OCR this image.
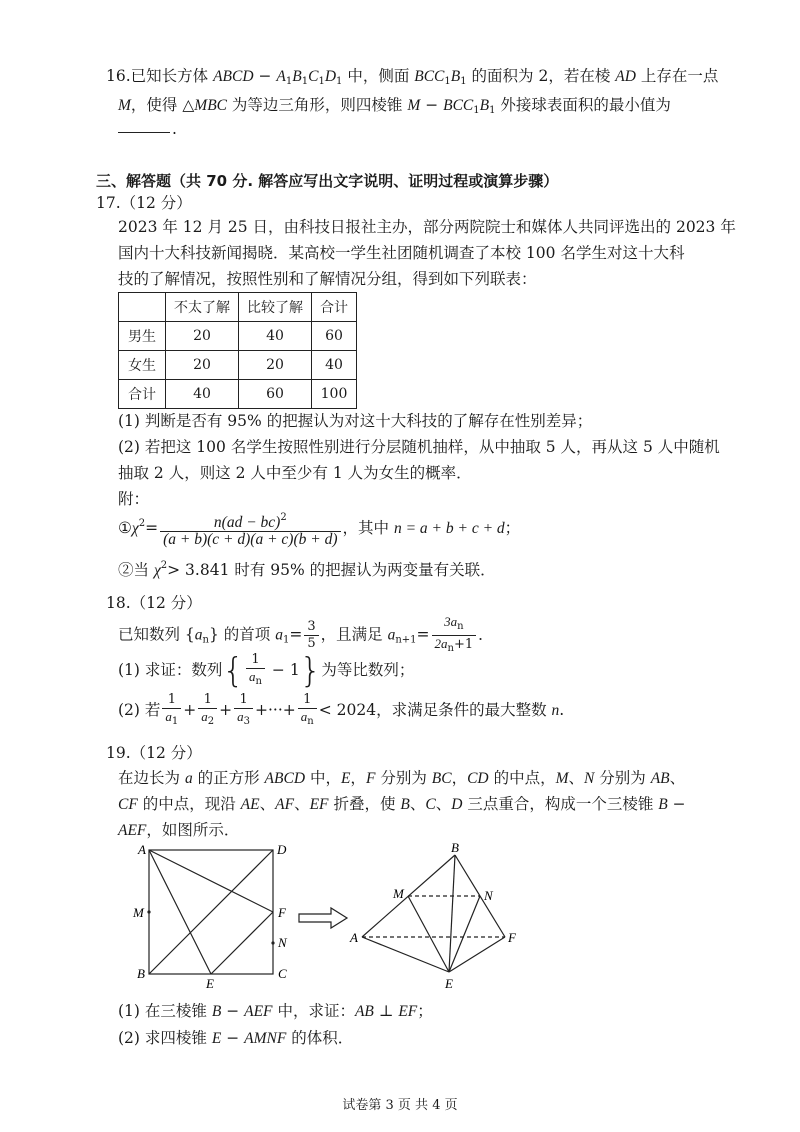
16.已知长方体 ABCD − $A_1B_1C_1D_1$ 中，侧面 $BCC_1B_1$ 的面积为 2，若在棱 AD 上存在一点
M，使得 △MBC 为等边三角形，则四棱锥 $M - BCC_1B_1$ 外接球表面积的最小值为
.
三、解答题（共 70 分. 解答应写出文字说明、证明过程或演算步骤）
17.（12 分）
2023 年 12 月 25 日，由科技日报社主办，部分两院院士和媒体人共同评选出的 2023 年
国内十大科技新闻揭晓．某高校一学生社团随机调查了本校 100 名学生对这十大科
技的了解情况，按照性别和了解情况分组，得到如下列联表：
	不太了解	比较了解	合计
男生	20	40	60
女生	20	20	40
合计	40	60	100
(1) 判断是否有 95% 的把握认为对这十大科技的了解存在性别差异；
(2) 若把这 100 名学生按照性别进行分层随机抽样，从中抽取 5 人，再从这 5 人中随机
抽取 2 人，则这 2 人中至少有 1 人为女生的概率．
附：
$①\chi^2= \frac{n(ad - bc)^2}{(a + b)(c + d)(a + c)(b + d)}$ ，其中 n = a + b + c + d；
②当 $\chi^2> 3.841$ 时有 95% 的把握认为两变量有关联．
18.（12 分）
已知数列 $\{a_n\}$ 的首项 $a_1= \frac{3}{5}$ ，且满足 $a_{n+1}= \frac{3a_n}{2a_n+1}$ ．
(1) 求证：数列{ $\frac{1}{a_n} - 1$}为等比数列；
(2) 若 $\frac{1}{a_1} + \frac{1}{a_2} + \frac{1}{a_3}$ +···+ $\frac{1}{a_n} < 2024$，求满足条件的最大整数 n.
19.（12 分）
在边长为 a 的正方形 ABCD 中，E，F 分别为 BC，CD 的中点，M、N 分别为 AB、
CF 的中点，现沿 AE、AF、EF 折叠，使 B、C、D 三点重合，构成一个三棱锥 B −
AEF，如图所示．
A	D
M	F
N
B
E
C
B
M	N
A	F
E
(1) 在三棱锥 B − AEF 中，求证：AB ⊥ EF；
(2) 求四棱锥 E − AMNF 的体积．
试卷第 3 页 共 4 页
